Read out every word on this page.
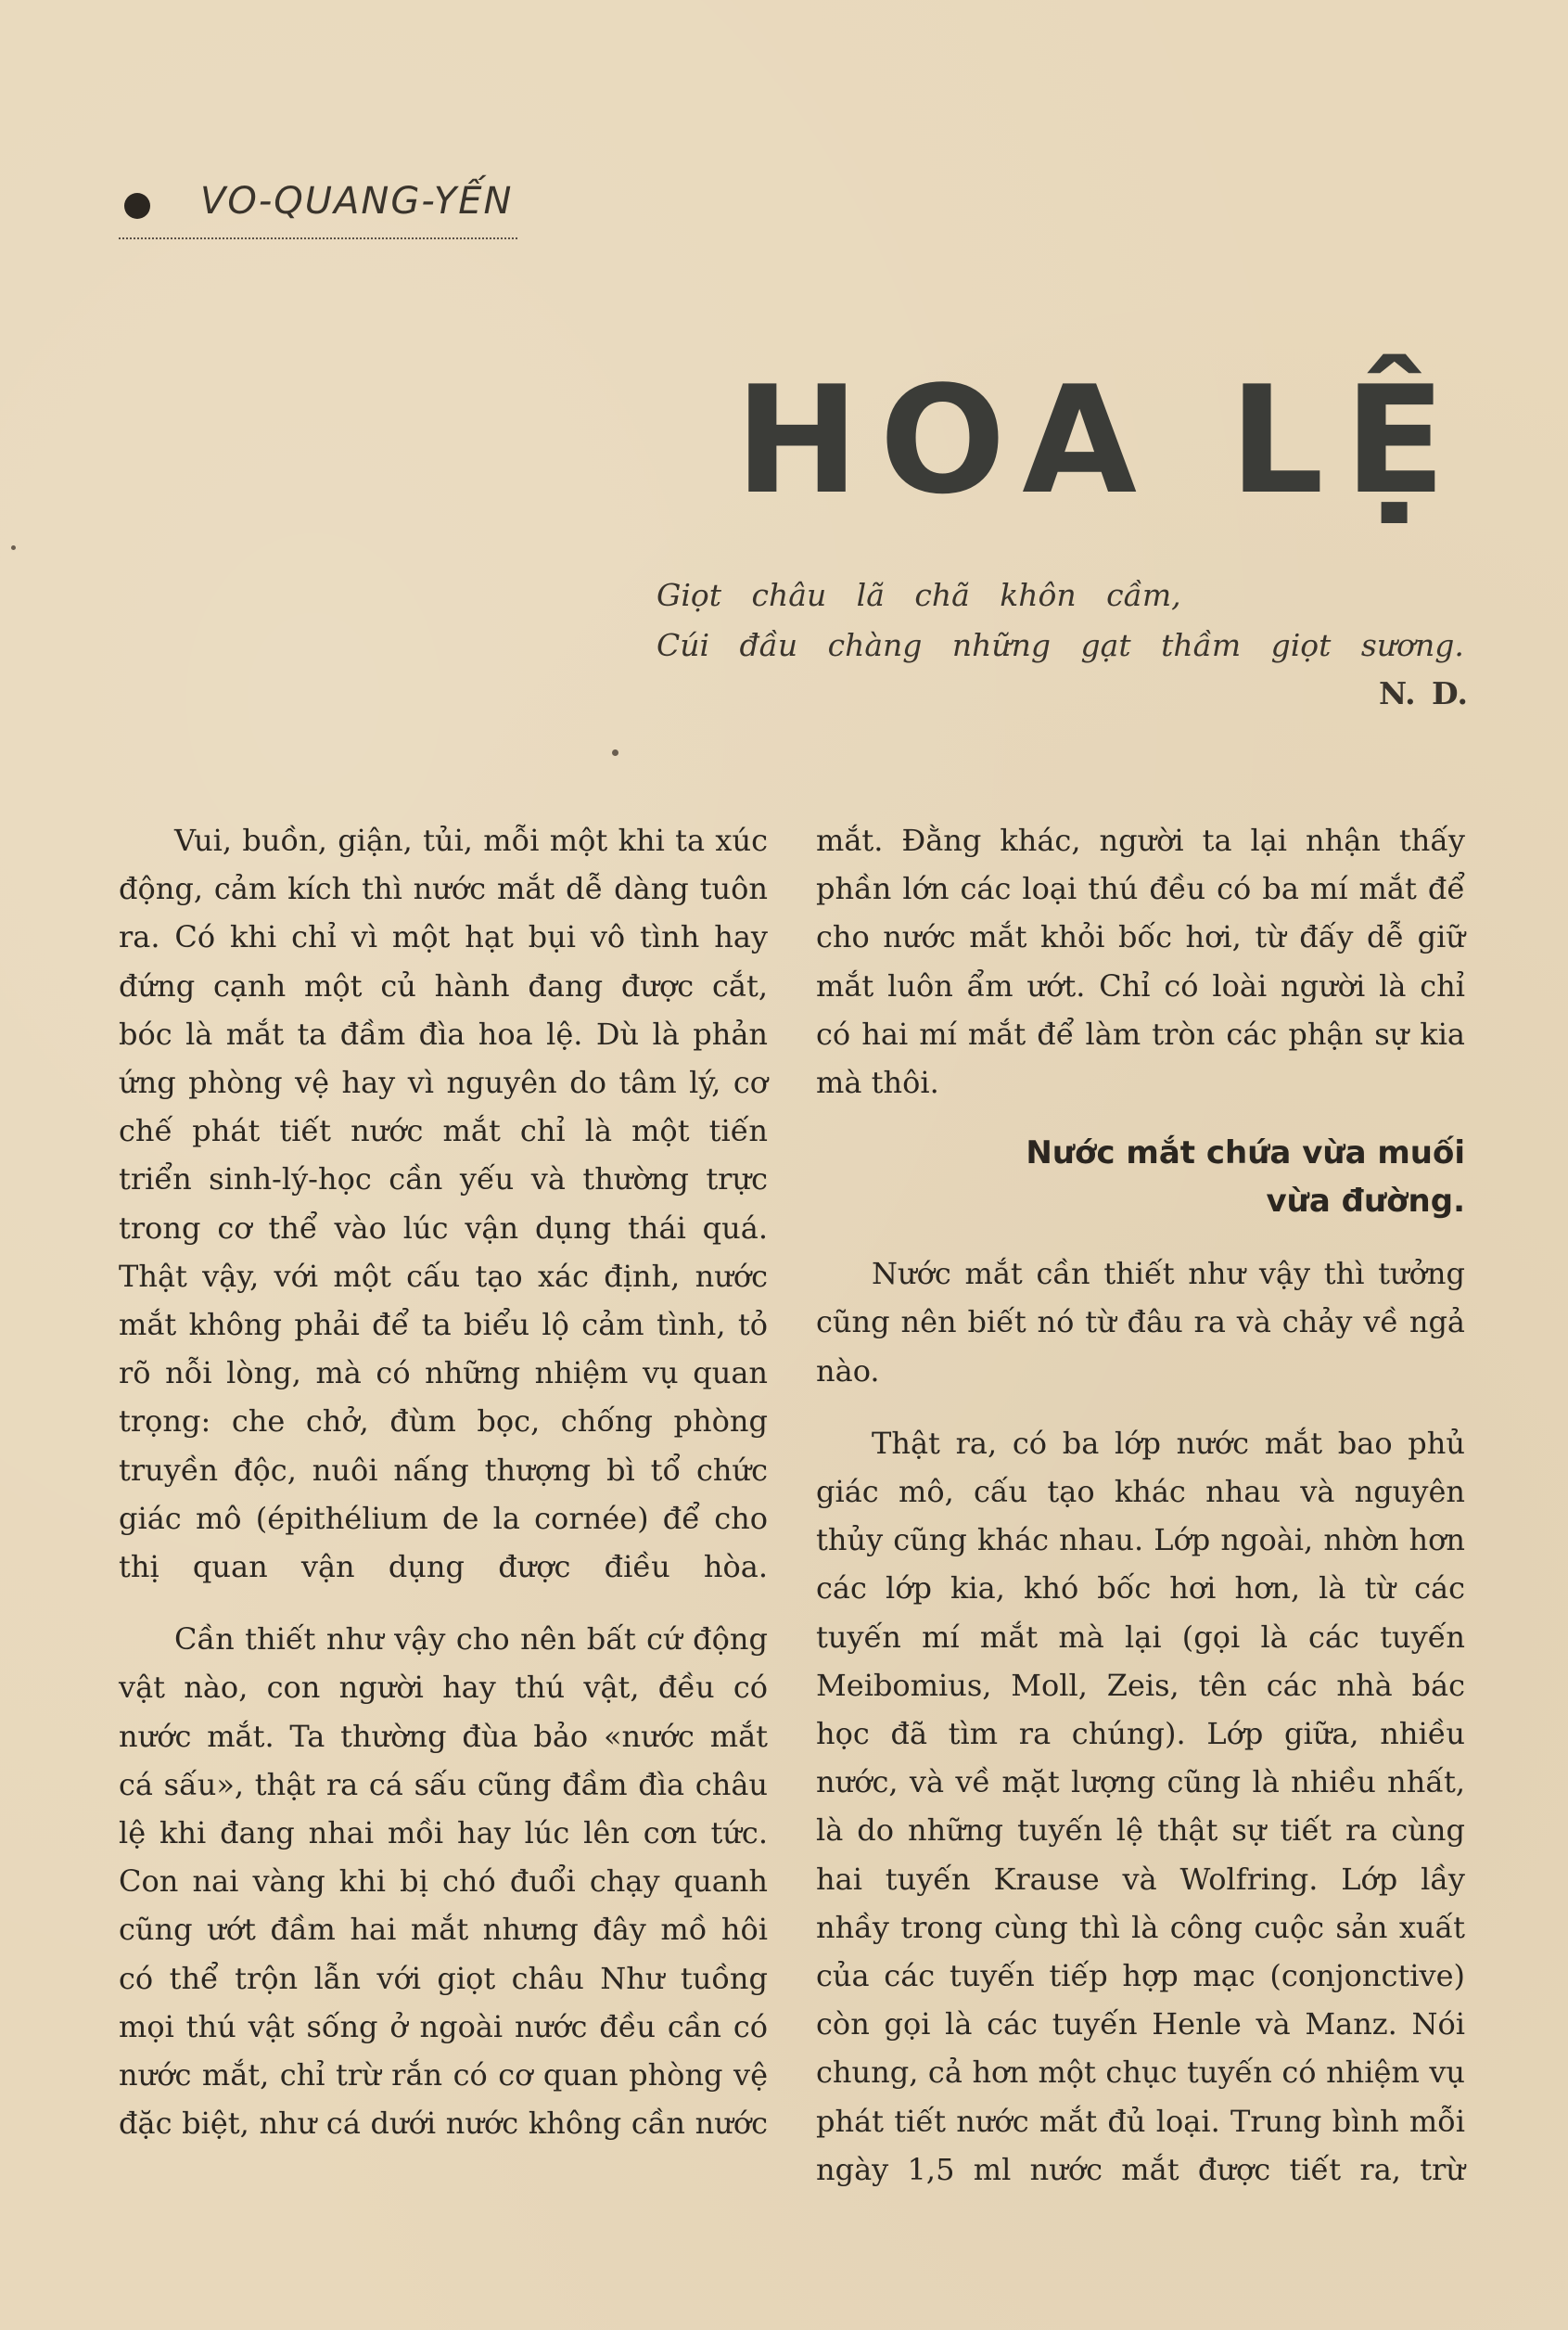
VO-QUANG-YẾN
HOA LỆ
Giọt châu lã chã khôn cầm,
Cúi đầu chàng những gạt thầm giọt sương.
N. D.

Vui, buồn, giận, tủi, mỗi một khi ta xúc động, cảm kích thì nước mắt dễ dàng tuôn ra. Có khi chỉ vì một hạt bụi vô tình hay đứng cạnh một củ hành đang được cắt, bóc là mắt ta đầm đìa hoa lệ. Dù là phản ứng phòng vệ hay vì nguyên do tâm lý, cơ chế phát tiết nước mắt chỉ là một tiến triển sinh-lý-học cần yếu và thường trực trong cơ thể vào lúc vận dụng thái quá. Thật vậy, với một cấu tạo xác định, nước mắt không phải để ta biểu lộ cảm tình, tỏ rõ nỗi lòng, mà có những nhiệm vụ quan trọng: che chở, đùm bọc, chống phòng truyền độc, nuôi nấng thượng bì tổ chức giác mô (épithélium de la cornée) để cho thị quan vận dụng được điều hòa.

Cần thiết như vậy cho nên bất cứ động vật nào, con người hay thú vật, đều có nước mắt. Ta thường đùa bảo «nước mắt cá sấu», thật ra cá sấu cũng đầm đìa châu lệ khi đang nhai mồi hay lúc lên cơn tức. Con nai vàng khi bị chó đuổi chạy quanh cũng ướt đầm hai mắt nhưng đây mồ hôi có thể trộn lẫn với giọt châu Như tuồng mọi thú vật sống ở ngoài nước đều cần có nước mắt, chỉ trừ rắn có cơ quan phòng vệ đặc biệt, như cá dưới nước không cần nước

mắt. Đằng khác, người ta lại nhận thấy phần lớn các loại thú đều có ba mí mắt để cho nước mắt khỏi bốc hơi, từ đấy dễ giữ mắt luôn ẩm ướt. Chỉ có loài người là chỉ có hai mí mắt để làm tròn các phận sự kia mà thôi.

Nước mắt chứa vừa muối
vừa đường.

Nước mắt cần thiết như vậy thì tưởng cũng nên biết nó từ đâu ra và chảy về ngả nào.

Thật ra, có ba lớp nước mắt bao phủ giác mô, cấu tạo khác nhau và nguyên thủy cũng khác nhau. Lớp ngoài, nhờn hơn các lớp kia, khó bốc hơi hơn, là từ các tuyến mí mắt mà lại (gọi là các tuyến Meibomius, Moll, Zeis, tên các nhà bác học đã tìm ra chúng). Lớp giữa, nhiều nước, và về mặt lượng cũng là nhiều nhất, là do những tuyến lệ thật sự tiết ra cùng hai tuyến Krause và Wolfring. Lớp lầy nhầy trong cùng thì là công cuộc sản xuất của các tuyến tiếp hợp mạc (conjonctive) còn gọi là các tuyến Henle và Manz. Nói chung, cả hơn một chục tuyến có nhiệm vụ phát tiết nước mắt đủ loại. Trung bình mỗi ngày 1,5 ml nước mắt được tiết ra, trừ
